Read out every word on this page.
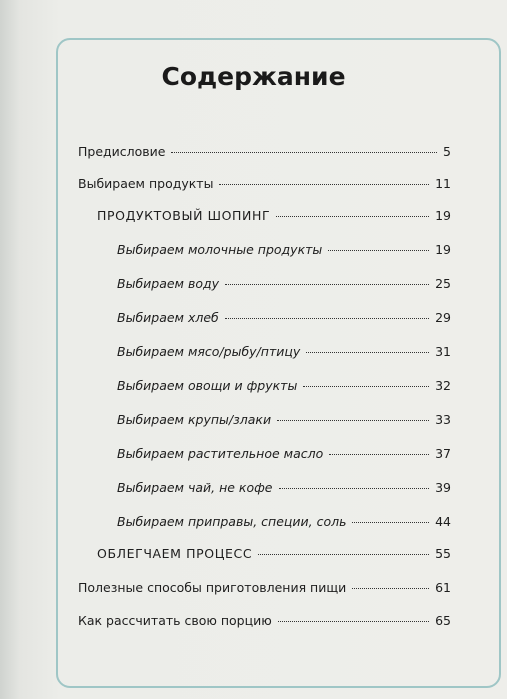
Содержание
Предисловие	5
Выбираем продукты	11
ПРОДУКТОВЫЙ ШОПИНГ	19
Выбираем молочные продукты	19
Выбираем воду	25
Выбираем хлеб	29
Выбираем мясо/рыбу/птицу	31
Выбираем овощи и фрукты	32
Выбираем крупы/злаки	33
Выбираем растительное масло	37
Выбираем чай, не кофе	39
Выбираем приправы, специи, соль	44
ОБЛЕГЧАЕМ ПРОЦЕСС	55
Полезные способы приготовления пищи	61
Как рассчитать свою порцию	65
